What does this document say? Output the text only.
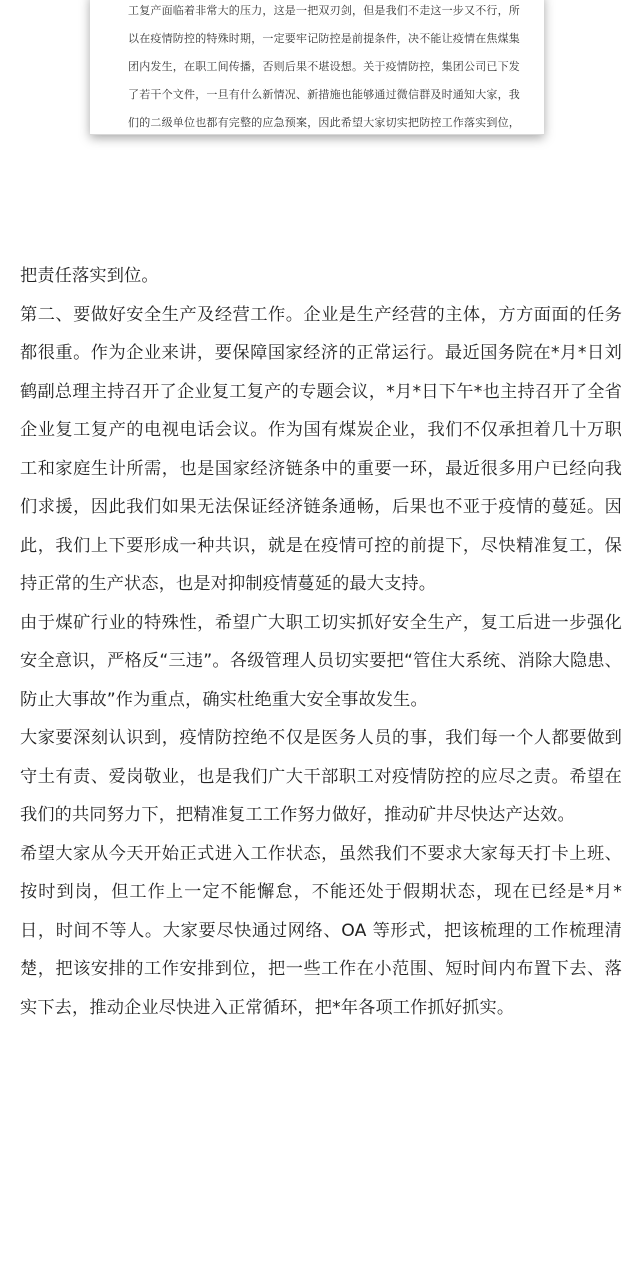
工复产面临着非常大的压力，这是一把双刃剑，但是我们不走这一步又不行，所
以在疫情防控的特殊时期，一定要牢记防控是前提条件，决不能让疫情在焦煤集
团内发生，在职工间传播，否则后果不堪设想。关于疫情防控，集团公司已下发
了若干个文件，一旦有什么新情况、新措施也能够通过微信群及时通知大家，我
们的二级单位也都有完整的应急预案，因此希望大家切实把防控工作落实到位，

把责任落实到位。

第二、要做好安全生产及经营工作。企业是生产经营的主体，方方面面的任务都很重。作为企业来讲，要保障国家经济的正常运行。最近国务院在*月*日刘鹤副总理主持召开了企业复工复产的专题会议，*月*日下午*也主持召开了全省企业复工复产的电视电话会议。作为国有煤炭企业，我们不仅承担着几十万职工和家庭生计所需，也是国家经济链条中的重要一环，最近很多用户已经向我们求援，因此我们如果无法保证经济链条通畅，后果也不亚于疫情的蔓延。因此，我们上下要形成一种共识，就是在疫情可控的前提下，尽快精准复工，保持正常的生产状态，也是对抑制疫情蔓延的最大支持。

由于煤矿行业的特殊性，希望广大职工切实抓好安全生产，复工后进一步强化安全意识，严格反“三违”。各级管理人员切实要把“管住大系统、消除大隐患、防止大事故”作为重点，确实杜绝重大安全事故发生。

大家要深刻认识到，疫情防控绝不仅是医务人员的事，我们每一个人都要做到守土有责、爱岗敬业，也是我们广大干部职工对疫情防控的应尽之责。希望在我们的共同努力下，把精准复工工作努力做好，推动矿井尽快达产达效。

希望大家从今天开始正式进入工作状态，虽然我们不要求大家每天打卡上班、按时到岗，但工作上一定不能懈怠，不能还处于假期状态，现在已经是*月*日，时间不等人。大家要尽快通过网络、OA 等形式，把该梳理的工作梳理清楚，把该安排的工作安排到位，把一些工作在小范围、短时间内布置下去、落实下去，推动企业尽快进入正常循环，把*年各项工作抓好抓实。
